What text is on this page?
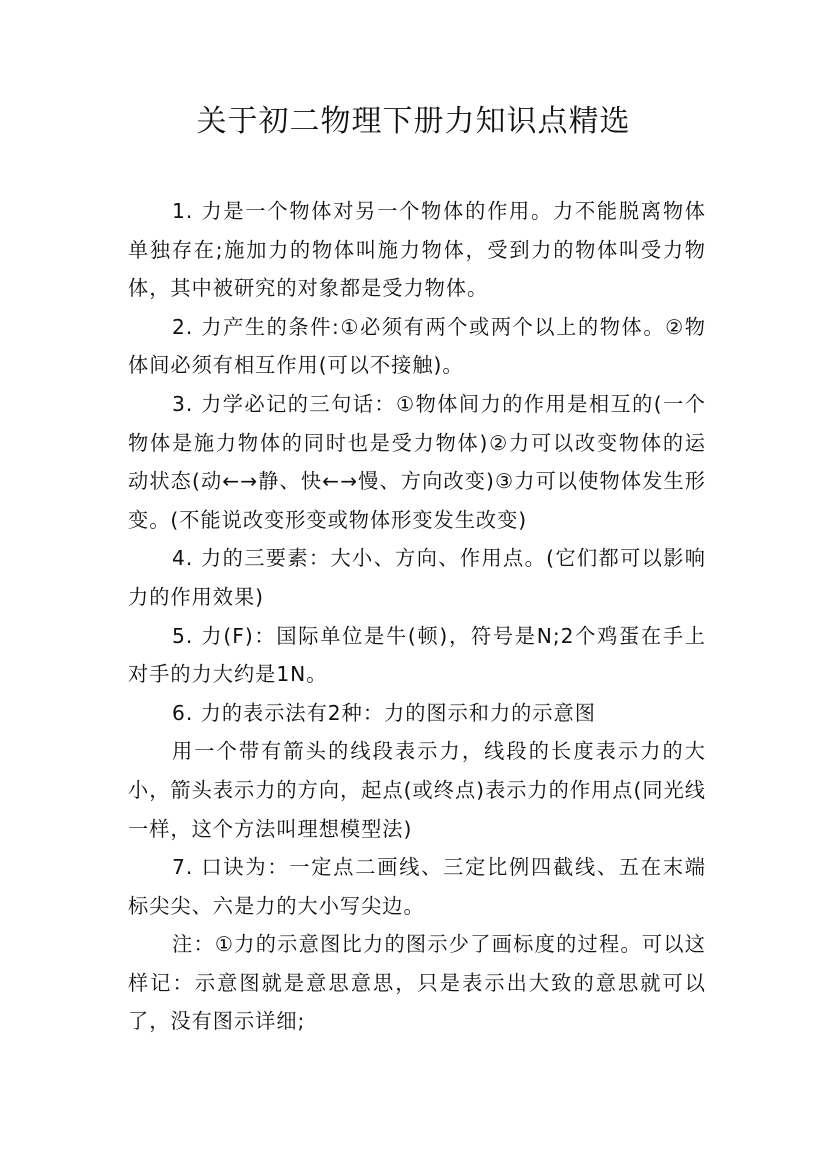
关于初二物理下册力知识点精选

1. 力是一个物体对另一个物体的作用。力不能脱离物体单独存在;施加力的物体叫施力物体，受到力的物体叫受力物体，其中被研究的对象都是受力物体。

2. 力产生的条件:①必须有两个或两个以上的物体。②物体间必须有相互作用(可以不接触)。

3. 力学必记的三句话：①物体间力的作用是相互的(一个物体是施力物体的同时也是受力物体)②力可以改变物体的运动状态(动←→静、快←→慢、方向改变)③力可以使物体发生形变。(不能说改变形变或物体形变发生改变)

4. 力的三要素：大小、方向、作用点。(它们都可以影响力的作用效果)

5. 力(F)：国际单位是牛(顿)，符号是N;2个鸡蛋在手上对手的力大约是1N。

6. 力的表示法有2种：力的图示和力的示意图

用一个带有箭头的线段表示力，线段的长度表示力的大小，箭头表示力的方向，起点(或终点)表示力的作用点(同光线一样，这个方法叫理想模型法)

7. 口诀为：一定点二画线、三定比例四截线、五在末端标尖尖、六是力的大小写尖边。

注：①力的示意图比力的图示少了画标度的过程。可以这样记：示意图就是意思意思，只是表示出大致的意思就可以了，没有图示详细;
